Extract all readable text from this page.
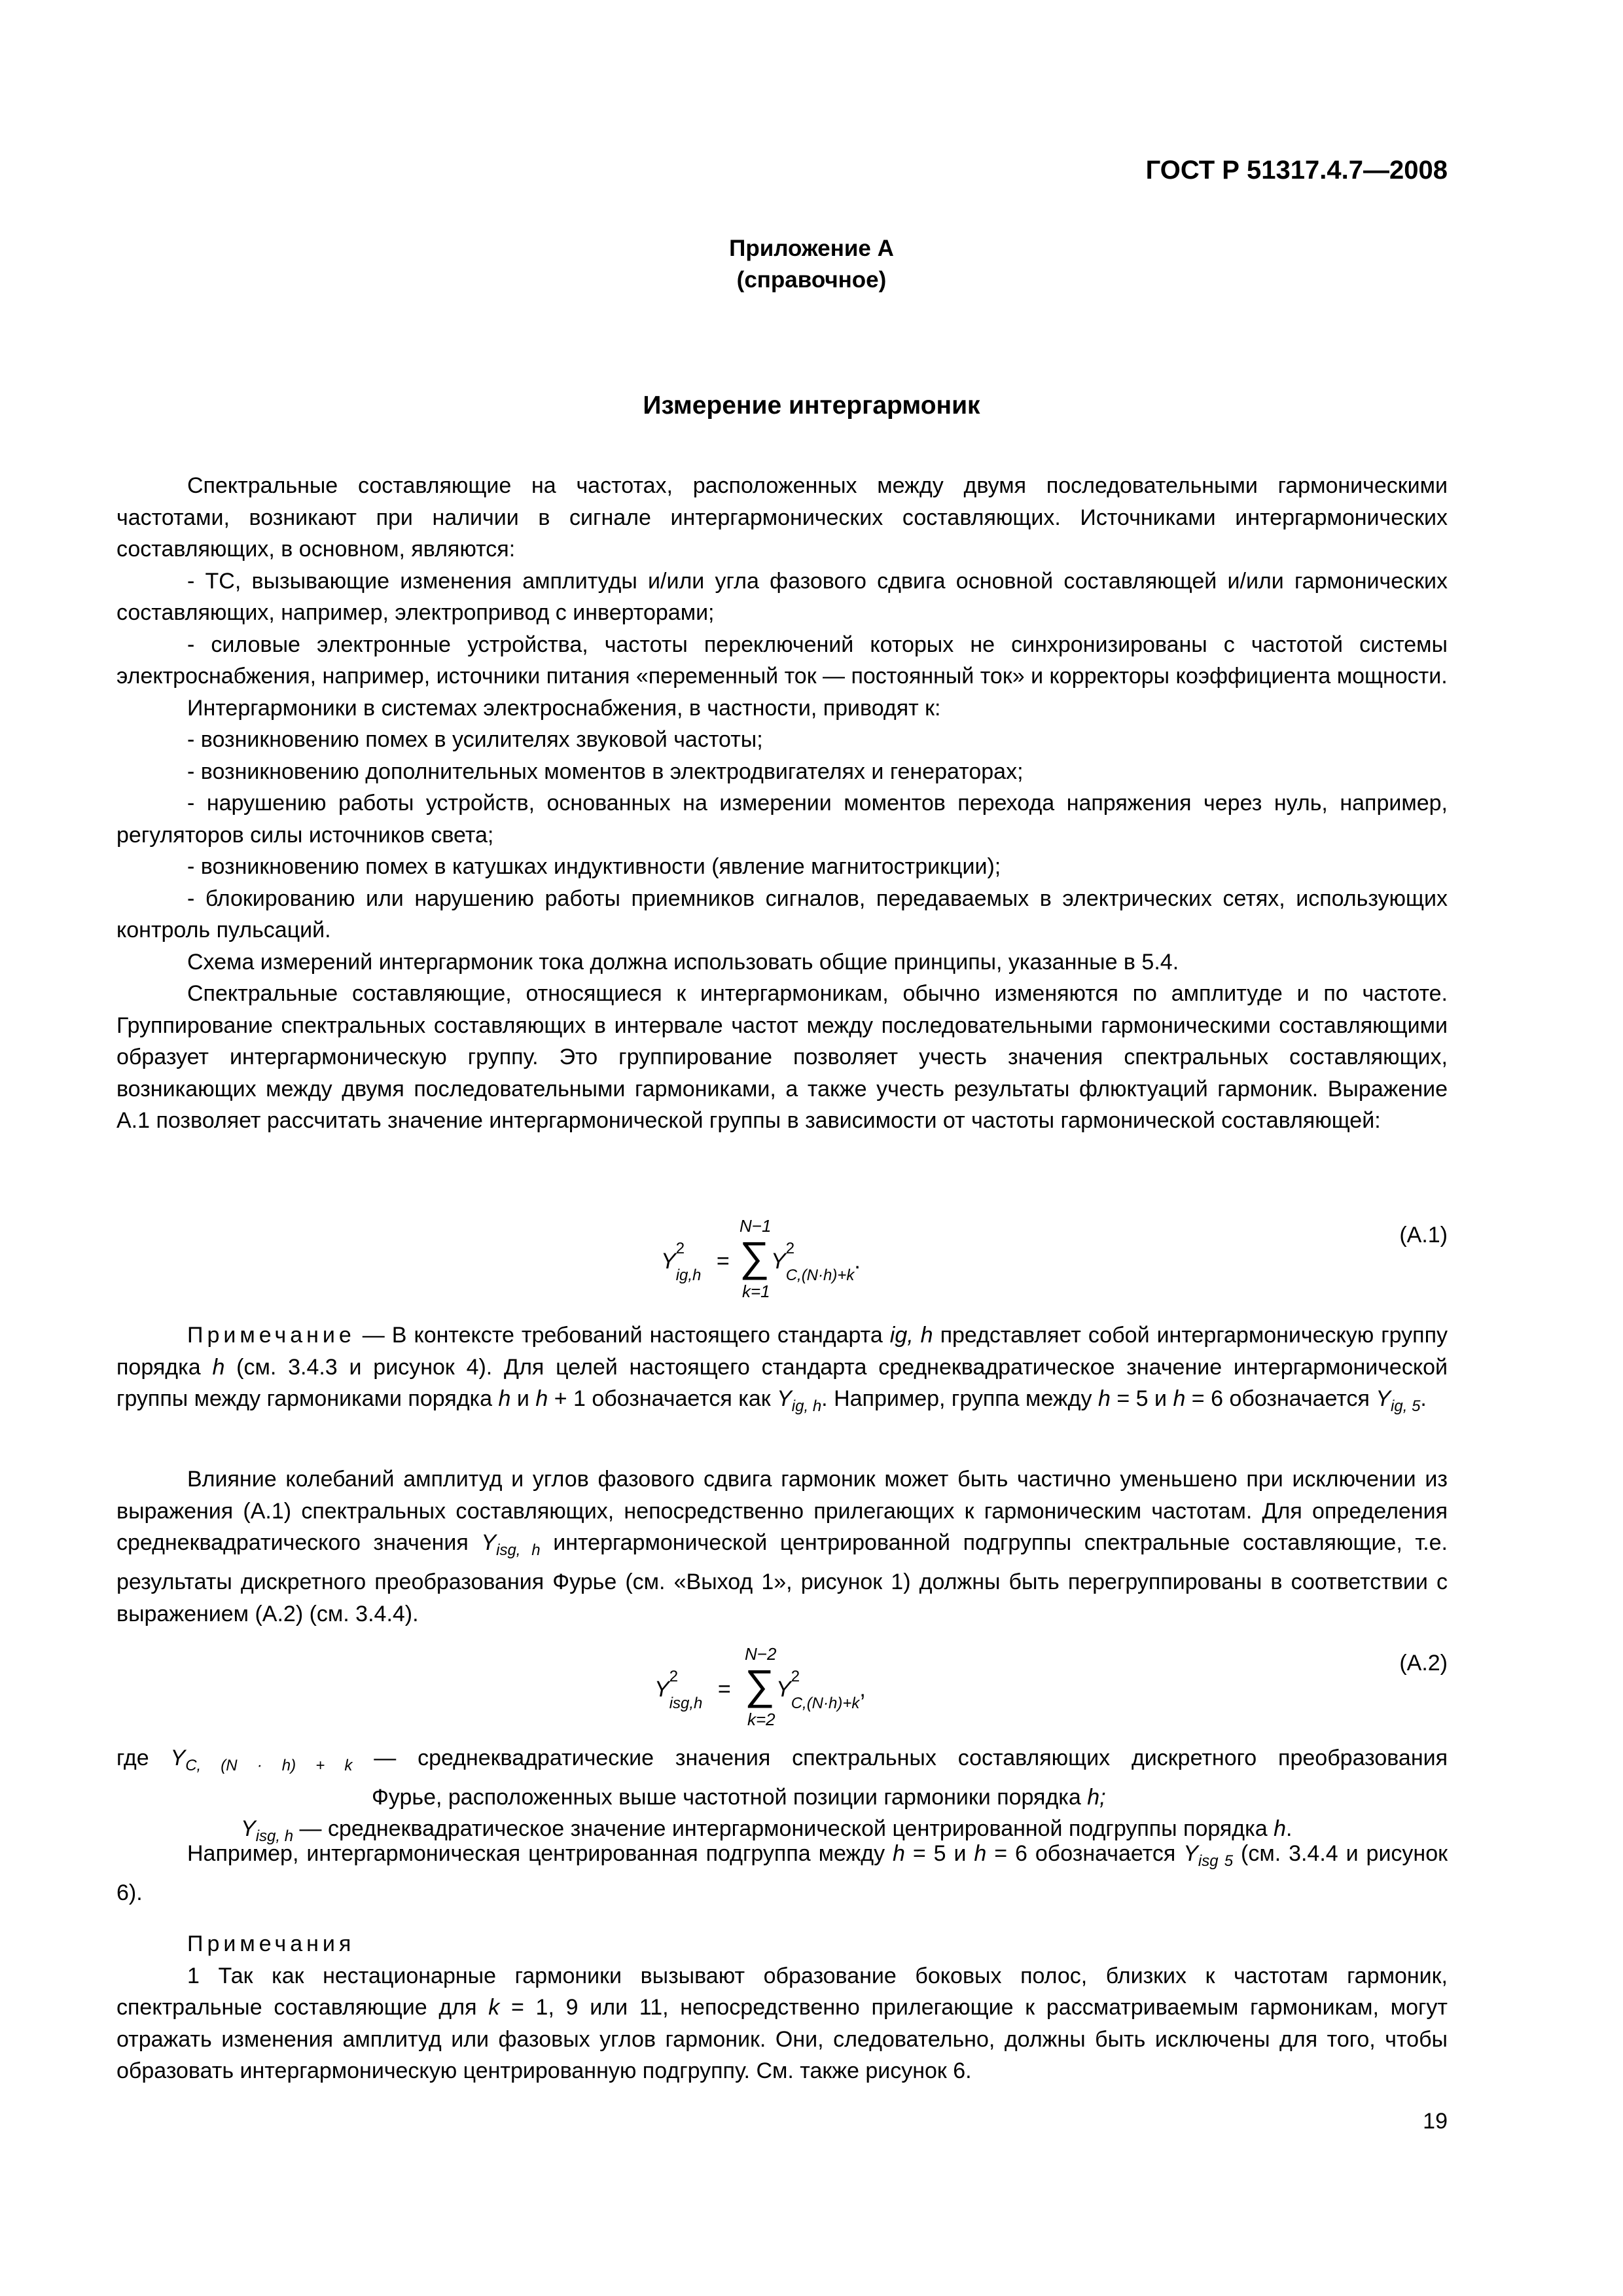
ГОСТ Р 51317.4.7—2008
Приложение А
(справочное)
Измерение интергармоник

Спектральные составляющие на частотах, расположенных между двумя последовательными гармоническими частотами, возникают при наличии в сигнале интергармонических составляющих. Источниками интергармонических составляющих, в основном, являются:

- ТС, вызывающие изменения амплитуды и/или угла фазового сдвига основной составляющей и/или гармонических составляющих, например, электропривод с инверторами;

- силовые электронные устройства, частоты переключений которых не синхронизированы с частотой системы электроснабжения, например, источники питания «переменный ток — постоянный ток» и корректоры коэффициента мощности.

Интергармоники в системах электроснабжения, в частности, приводят к:

- возникновению помех в усилителях звуковой частоты;

- возникновению дополнительных моментов в электродвигателях и генераторах;

- нарушению работы устройств, основанных на измерении моментов перехода напряжения через нуль, например, регуляторов силы источников света;

- возникновению помех в катушках индуктивности (явление магнитострикции);

- блокированию или нарушению работы приемников сигналов, передаваемых в электрических сетях, использующих контроль пульсаций.

Схема измерений интергармоник тока должна использовать общие принципы, указанные в 5.4.

Спектральные составляющие, относящиеся к интергармоникам, обычно изменяются по амплитуде и по частоте. Группирование спектральных составляющих в интервале частот между последовательными гармоническими составляющими образует интергармоническую группу. Это группирование позволяет учесть значения спектральных составляющих, возникающих между двумя последовательными гармониками, а также учесть результаты флюктуаций гармоник. Выражение А.1 позволяет рассчитать значение интергармонической группы в зависимости от частоты гармонической составляющей:

Y
2
$_{ig,h}$ =
N−1
∑
k=1
Y
2
$_{C,(N\cdot h)+k}$.
(А.1)

Примечание — В контексте требований настоящего стандарта ig, h представляет собой интергармоническую группу порядка h (см. 3.4.3 и рисунок 4). Для целей настоящего стандарта среднеквадратическое значение интергармонической группы между гармониками порядка h и h + 1 обозначается как $Y_{ig, h}$. Например, группа между h = 5 и h = 6 обозначается $Y_{ig, 5}$.

Влияние колебаний амплитуд и углов фазового сдвига гармоник может быть частично уменьшено при исключении из выражения (А.1) спектральных составляющих, непосредственно прилегающих к гармоническим частотам. Для определения среднеквадратического значения $Y_{isg, h}$ интергармонической центрированной подгруппы спектральные составляющие, т.е. результаты дискретного преобразования Фурье (см. «Выход 1», рисунок 1) должны быть перегруппированы в соответствии с выражением (А.2) (см. 3.4.4).

Y
2
$_{isg,h}$ =
N−2
∑
k=2
Y
2
$_{C,(N\cdot h)+k}$,
(А.2)
где $Y_{C, (N \cdot h) + k}$ — среднеквадратические значения спектральных составляющих дискретного преобразования
Фурье, расположенных выше частотной позиции гармоники порядка h;
$Y_{isg, h}$ — среднеквадратическое значение интергармонической центрированной подгруппы порядка h.

Например, интергармоническая центрированная подгруппа между h = 5 и h = 6 обозначается $Y_{isg 5}$ (см. 3.4.4 и рисунок 6).

Примечания

1 Так как нестационарные гармоники вызывают образование боковых полос, близких к частотам гармоник, спектральные составляющие для k = 1, 9 или 11, непосредственно прилегающие к рассматриваемым гармоникам, могут отражать изменения амплитуд или фазовых углов гармоник. Они, следовательно, должны быть исключены для того, чтобы образовать интергармоническую центрированную подгруппу. См. также рисунок 6.

19
